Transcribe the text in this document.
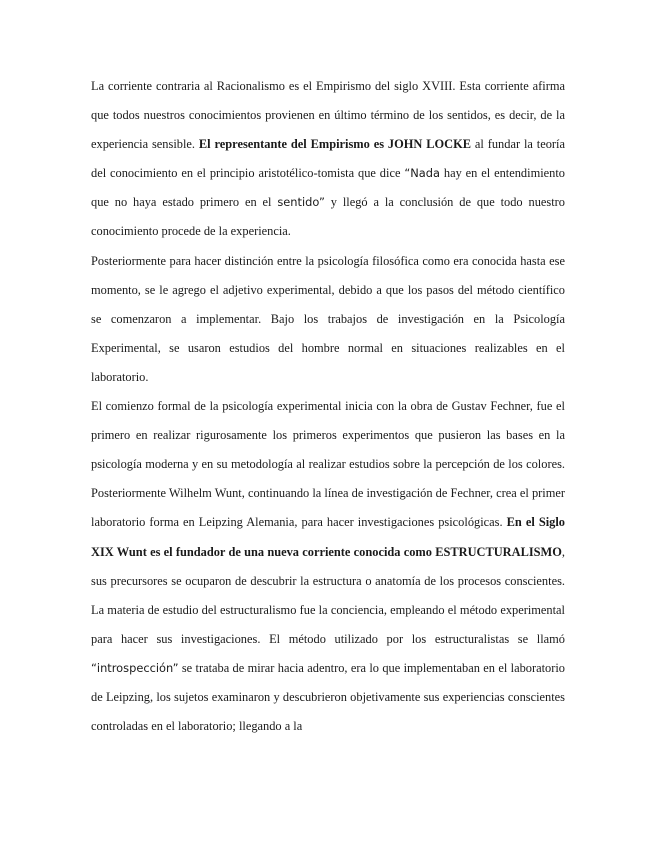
La corriente contraria al Racionalismo es el Empirismo del siglo XVIII. Esta corriente afirma que todos nuestros conocimientos provienen en último término de los sentidos, es decir, de la experiencia sensible. El representante del Empirismo es JOHN LOCKE al fundar la teoría del conocimiento en el principio aristotélico-tomista que dice “Nada hay en el entendimiento que no haya estado primero en el sentido” y llegó a la conclusión de que todo nuestro conocimiento procede de la experiencia.

Posteriormente para hacer distinción entre la psicología filosófica como era conocida hasta ese momento, se le agrego el adjetivo experimental, debido a que los pasos del método científico se comenzaron a implementar. Bajo los trabajos de investigación en la Psicología Experimental, se usaron estudios del hombre normal en situaciones realizables en el laboratorio.

El comienzo formal de la psicología experimental inicia con la obra de Gustav Fechner, fue el primero en realizar rigurosamente los primeros experimentos que pusieron las bases en la psicología moderna y en su metodología al realizar estudios sobre la percepción de los colores. Posteriormente Wilhelm Wunt, continuando la línea de investigación de Fechner, crea el primer laboratorio forma en Leipzing Alemania, para hacer investigaciones psicológicas. En el Siglo XIX Wunt es el fundador de una nueva corriente conocida como ESTRUCTURALISMO, sus precursores se ocuparon de descubrir la estructura o anatomía de los procesos conscientes. La materia de estudio del estructuralismo fue la conciencia, empleando el método experimental para hacer sus investigaciones. El método utilizado por los estructuralistas se llamó “introspección” se trataba de mirar hacia adentro, era lo que implementaban en el laboratorio de Leipzing, los sujetos examinaron y descubrieron objetivamente sus experiencias conscientes controladas en el laboratorio; llegando a la
